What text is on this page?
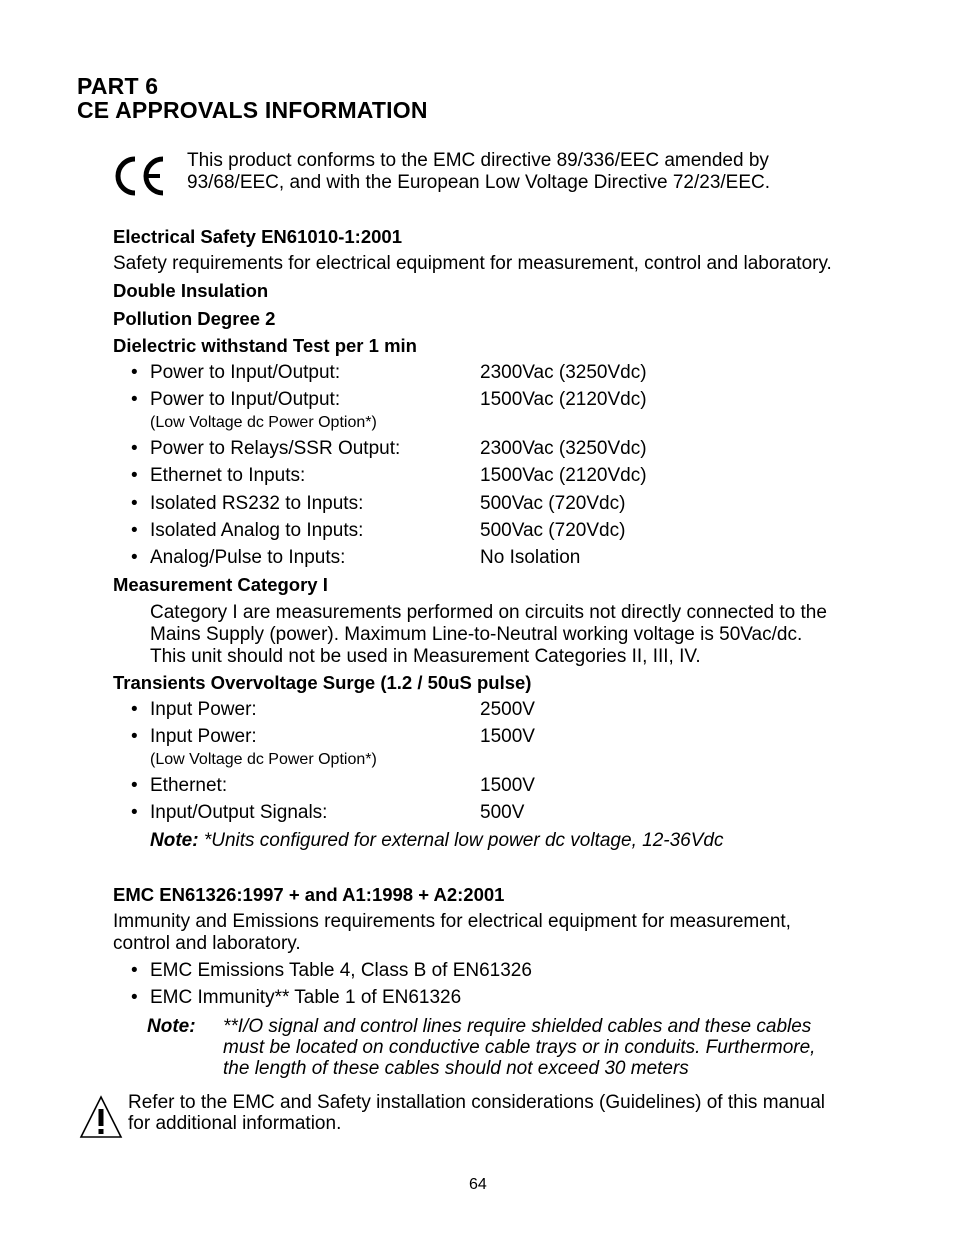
PART 6
CE APPROVALS INFORMATION
This product conforms to the EMC directive 89/336/EEC amended by
93/68/EEC, and with the European Low Voltage Directive 72/23/EEC.
Electrical Safety EN61010-1:2001
Safety requirements for electrical equipment for measurement, control and laboratory.
Double Insulation
Pollution Degree 2
Dielectric withstand Test per 1 min
• Power to Input/Output:	2300Vac (3250Vdc)
• Power to Input/Output:	1500Vac (2120Vdc)
(Low Voltage dc Power Option*)
• Power to Relays/SSR Output:	2300Vac (3250Vdc)
• Ethernet to Inputs:	1500Vac (2120Vdc)
• Isolated RS232 to Inputs:	500Vac (720Vdc)
• Isolated Analog to Inputs:	500Vac (720Vdc)
• Analog/Pulse to Inputs:	No Isolation
Measurement Category I
Category I are measurements performed on circuits not directly connected to the
Mains Supply (power). Maximum Line-to-Neutral working voltage is 50Vac/dc.
This unit should not be used in Measurement Categories II, III, IV.
Transients Overvoltage Surge (1.2 / 50uS pulse)
• Input Power:	2500V
• Input Power:	1500V
(Low Voltage dc Power Option*)
• Ethernet:	1500V
• Input/Output Signals:	500V
Note: *Units configured for external low power dc voltage, 12-36Vdc
EMC EN61326:1997 + and A1:1998 + A2:2001
Immunity and Emissions requirements for electrical equipment for measurement,
control and laboratory.
• EMC Emissions Table 4, Class B of EN61326
• EMC Immunity** Table 1 of EN61326
Note: **I/O signal and control lines require shielded cables and these cables
must be located on conductive cable trays or in conduits. Furthermore,
the length of these cables should not exceed 30 meters
Refer to the EMC and Safety installation considerations (Guidelines) of this manual
for additional information.
64
